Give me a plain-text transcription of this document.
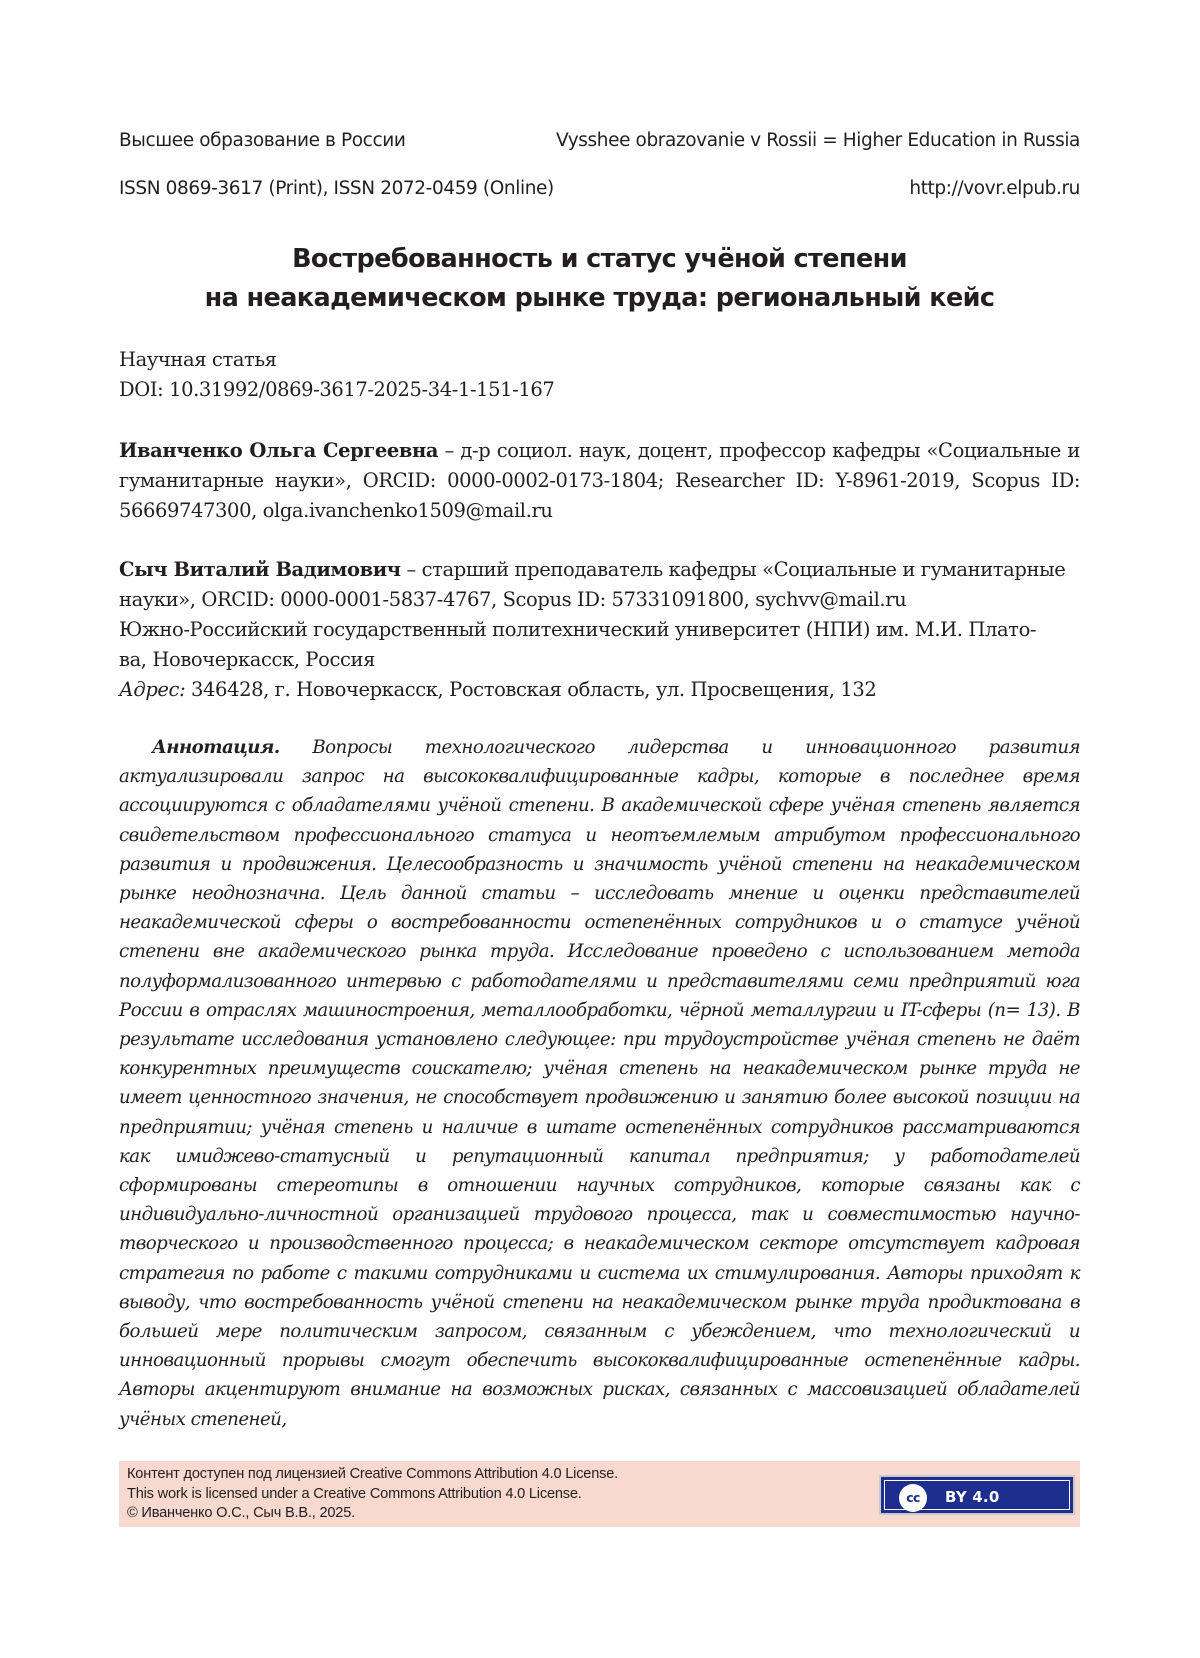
Высшее образование в России	Vysshee obrazovanie v Rossii = Higher Education in Russia
ISSN 0869-3617 (Print), ISSN 2072-0459 (Online)	http://vovr.elpub.ru
Востребованность и статус учёной степени
на неакадемическом рынке труда: региональный кейс
Научная статья
DOI: 10.31992/0869-3617-2025-34-1-151-167
Иванченко Ольга Сергеевна – д-р социол. наук, доцент, профессор кафедры «Социальные и гуманитарные науки», ORCID: 0000-0002-0173-1804; Researcher ID: Y-8961-2019, Scopus ID: 56669747300, olga.ivanchenko1509@mail.ru
Сыч Виталий Вадимович – старший преподаватель кафедры «Социальные и гуманитарные
науки», ORCID: 0000-0001-5837-4767, Scopus ID: 57331091800, sychvv@mail.ru
Южно-Российский государственный политехнический университет (НПИ) им. М.И. Плато-
ва, Новочеркасск, Россия
Адрес: 346428, г. Новочеркасск, Ростовская область, ул. Просвещения, 132
Аннотация. Вопросы технологического лидерства и инновационного развития актуализировали запрос на высококвалифицированные кадры, которые в последнее время ассоциируются с обладателями учёной степени. В академической сфере учёная степень является свидетельством профессионального статуса и неотъемлемым атрибутом профессионального развития и продвижения. Целесообразность и значимость учёной степени на неакадемическом рынке неоднозначна. Цель данной статьи – исследовать мнение и оценки представителей неакадемической сферы о востребованности остепенённых сотрудников и о статусе учёной степени вне академического рынка труда. Исследование проведено с использованием метода полуформализованного интервью с работодателями и представителями семи предприятий юга России в отраслях машиностроения, металлообработки, чёрной металлургии и IT-сферы (n= 13). В результате исследования установлено следующее: при трудоустройстве учёная степень не даёт конкурентных преимуществ соискателю; учёная степень на неакадемическом рынке труда не имеет ценностного значения, не способствует продвижению и занятию более высокой позиции на предприятии; учёная степень и наличие в штате остепенённых сотрудников рассматриваются как имиджево-статусный и репутационный капитал предприятия; у работодателей сформированы стереотипы в отношении научных сотрудников, которые связаны как с индивидуально-личностной организацией трудового процесса, так и совместимостью научно-творческого и производственного процесса; в неакадемическом секторе отсутствует кадровая стратегия по работе с такими сотрудниками и система их стимулирования. Авторы приходят к выводу, что востребованность учёной степени на неакадемическом рынке труда продиктована в большей мере политическим запросом, связанным с убеждением, что технологический и инновационный прорывы смогут обеспечить высококвалифицированные остепенённые кадры. Авторы акцентируют внимание на возможных рисках, связанных с массовизацией обладателей учёных степеней,
Контент доступен под лицензией Creative Commons Attribution 4.0 License.
This work is licensed under a Creative Commons Attribution 4.0 License.
© Иванченко О.С., Сыч В.В., 2025.
cc	BY 4.0
